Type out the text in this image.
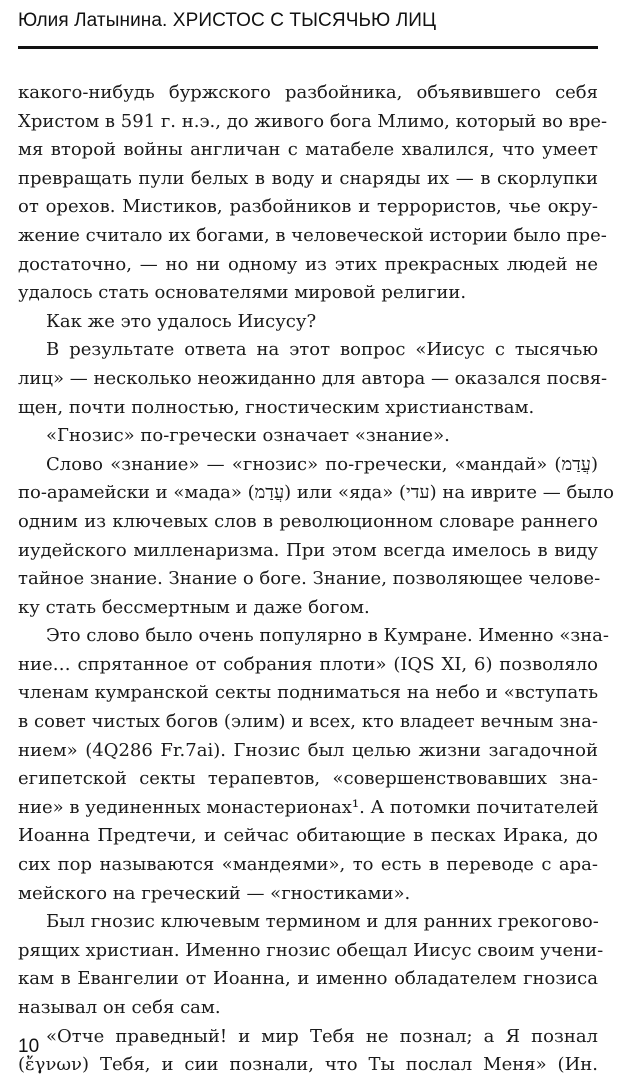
Юлия Латынина. ХРИСТОС С ТЫСЯЧЬЮ ЛИЦ
какого-нибудь буржского разбойника, объявившего себя
Христом в 591 г. н.э., до живого бога Млимо, который во вре-
мя второй войны англичан с матабеле хвалился, что умеет
превращать пули белых в воду и снаряды их — в скорлупки
от орехов. Мистиков, разбойников и террористов, чье окру-
жение считало их богами, в человеческой истории было пре-
достаточно, — но ни одному из этих прекрасных людей не
удалось стать основателями мировой религии.
Как же это удалось Иисусу?
В результате ответа на этот вопрос «Иисус с тысячью
лиц» — несколько неожиданно для автора — оказался посвя-
щен, почти полностью, гностическим христианствам.
«Гнозис» по-гречески означает «знание».
Слово «знание» — «гнозис» по-гречески, «мандай» (עֲדַמ)
по-арамейски и «мада» (עֲדַמ) или «яда» (עדי) на иврите — было
одним из ключевых слов в революционном словаре раннего
иудейского милленаризма. При этом всегда имелось в виду
тайное знание. Знание о боге. Знание, позволяющее челове-
ку стать бессмертным и даже богом.
Это слово было очень популярно в Кумране. Именно «зна-
ние… спрятанное от собрания плоти» (IQS XI, 6) позволяло
членам кумранской секты подниматься на небо и «вступать
в совет чистых богов (элим) и всех, кто владеет вечным зна-
нием» (4Q286 Fr.7ai). Гнозис был целью жизни загадочной
египетской секты терапевтов, «совершенствовавших зна-
ние» в уединенных монастерионах¹. А потомки почитателей
Иоанна Предтечи, и сейчас обитающие в песках Ирака, до
сих пор называются «мандеями», то есть в переводе с ара-
мейского на греческий — «гностиками».
Был гнозис ключевым термином и для ранних грекогово-
рящих христиан. Именно гнозис обещал Иисус своим учени-
кам в Евангелии от Иоанна, и именно обладателем гнозиса
называл он себя сам.
«Отче праведный! и мир Тебя не познал; а Я познал
(ἔγνων) Тебя, и сии познали, что Ты послал Меня» (Ин.
10
